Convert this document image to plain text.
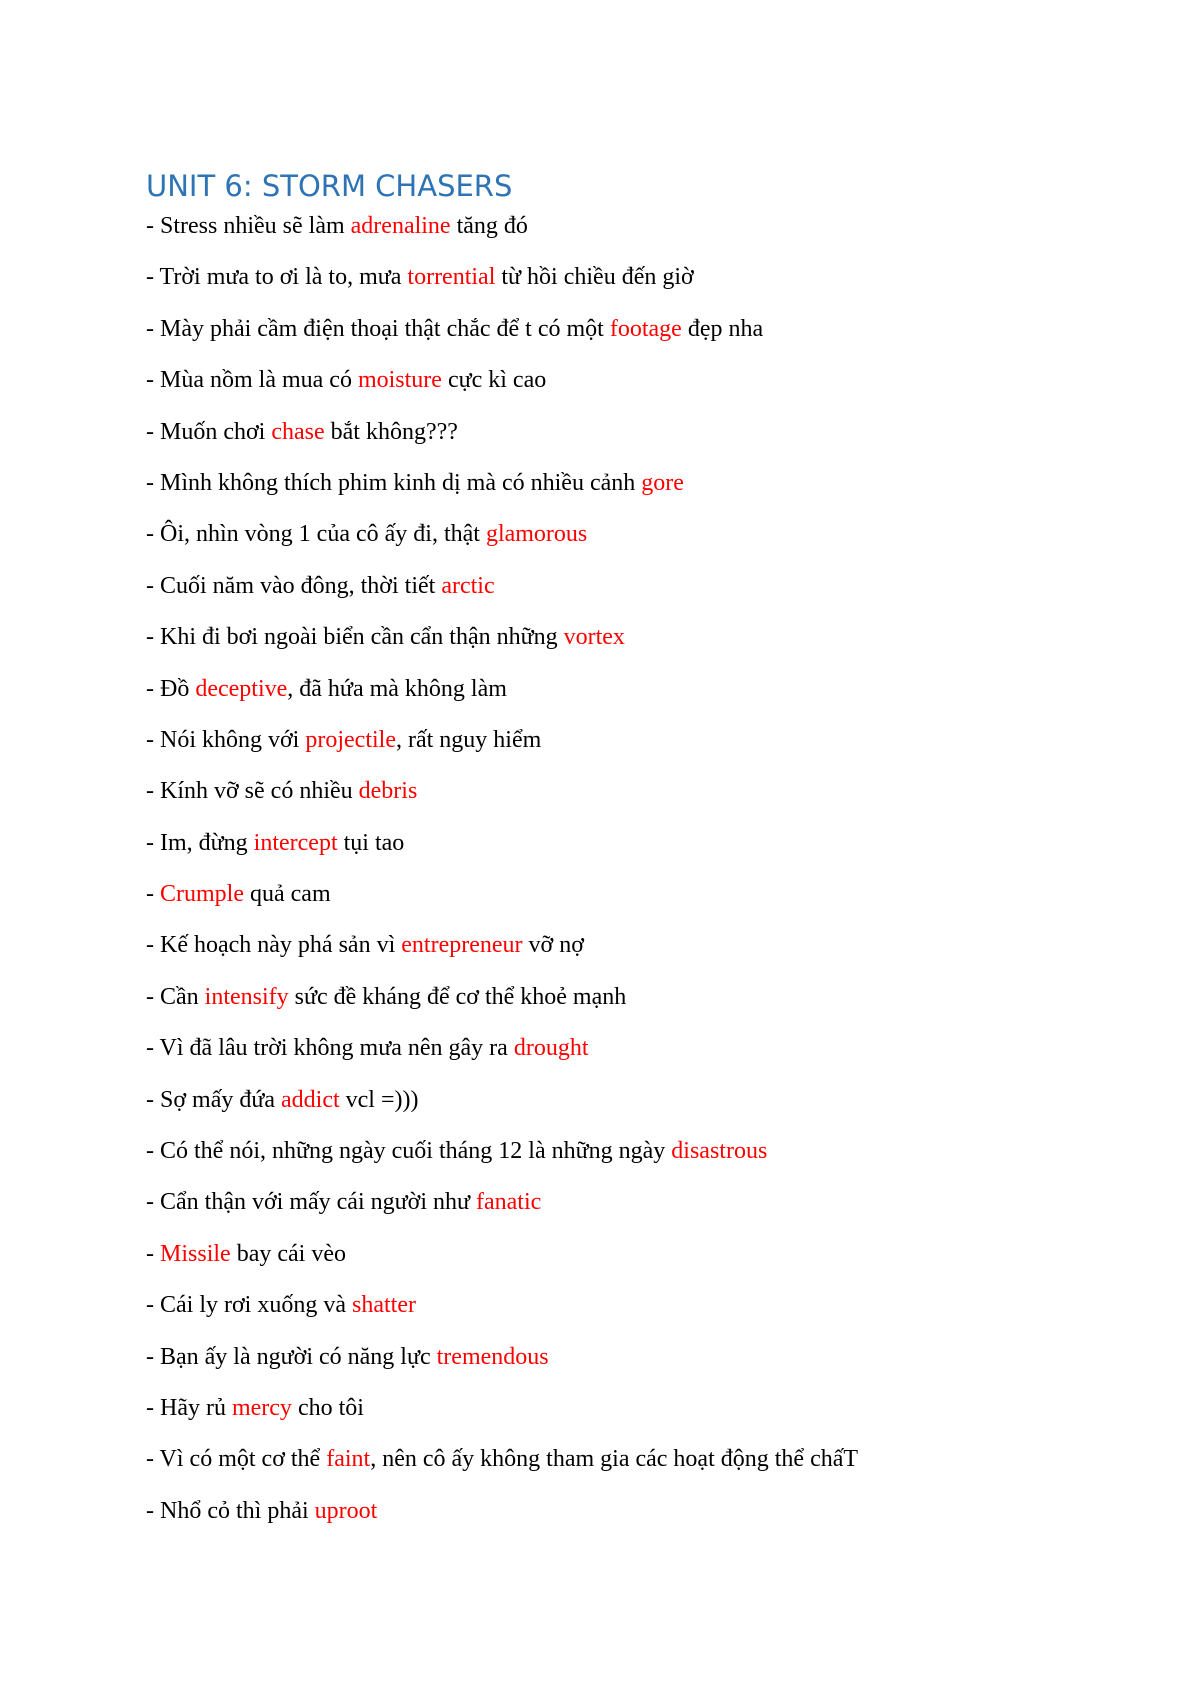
UNIT 6: STORM CHASERS
- Stress nhiều sẽ làm adrenaline tăng đó
- Trời mưa to ơi là to, mưa torrential từ hồi chiều đến giờ
- Mày phải cầm điện thoại thật chắc để t có một footage đẹp nha
- Mùa nồm là mua có moisture cực kì cao
- Muốn chơi chase bắt không???
- Mình không thích phim kinh dị mà có nhiều cảnh gore
- Ôi, nhìn vòng 1 của cô ấy đi, thật glamorous
- Cuối năm vào đông, thời tiết arctic
- Khi đi bơi ngoài biển cần cẩn thận những vortex
- Đồ deceptive, đã hứa mà không làm
- Nói không với projectile, rất nguy hiểm
- Kính vỡ sẽ có nhiều debris
- Im, đừng intercept tụi tao
- Crumple quả cam
- Kế hoạch này phá sản vì entrepreneur vỡ nợ
- Cần intensify sức đề kháng để cơ thể khoẻ mạnh
- Vì đã lâu trời không mưa nên gây ra drought
- Sợ mấy đứa addict vcl =)))
- Có thể nói, những ngày cuối tháng 12 là những ngày disastrous
- Cẩn thận với mấy cái người như fanatic
- Missile bay cái vèo
- Cái ly rơi xuống và shatter
- Bạn ấy là người có năng lực tremendous
- Hãy rủ mercy cho tôi
- Vì có một cơ thể faint, nên cô ấy không tham gia các hoạt động thể chấT
- Nhổ cỏ thì phải uproot
